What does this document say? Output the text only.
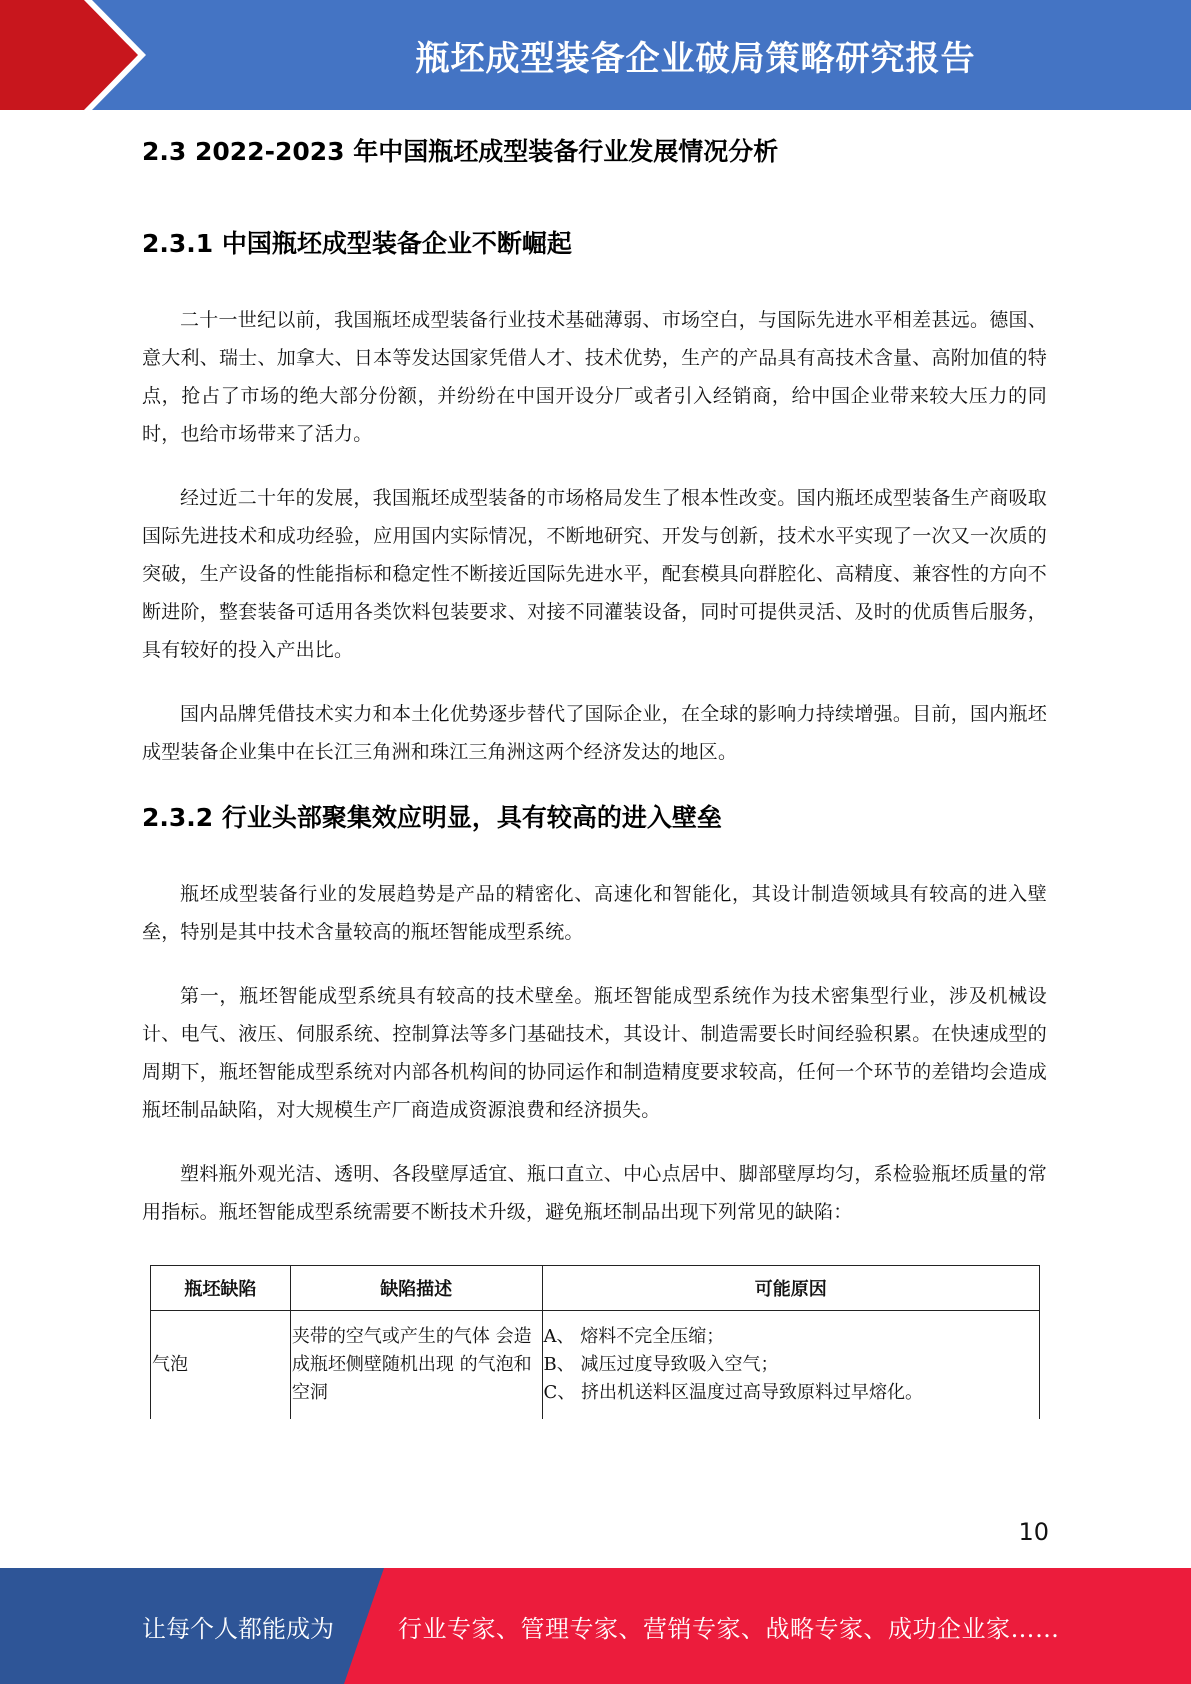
瓶坯成型装备企业破局策略研究报告
2.3 2022-2023 年中国瓶坯成型装备行业发展情况分析
2.3.1 中国瓶坯成型装备企业不断崛起

二十一世纪以前，我国瓶坯成型装备行业技术基础薄弱、市场空白，与国际先进水平相差甚远。德国、意大利、瑞士、加拿大、日本等发达国家凭借人才、技术优势，生产的产品具有高技术含量、高附加值的特点，抢占了市场的绝大部分份额，并纷纷在中国开设分厂或者引入经销商，给中国企业带来较大压力的同时，也给市场带来了活力。

经过近二十年的发展，我国瓶坯成型装备的市场格局发生了根本性改变。国内瓶坯成型装备生产商吸取国际先进技术和成功经验，应用国内实际情况，不断地研究、开发与创新，技术水平实现了一次又一次质的突破，生产设备的性能指标和稳定性不断接近国际先进水平，配套模具向群腔化、高精度、兼容性的方向不断进阶，整套装备可适用各类饮料包装要求、对接不同灌装设备，同时可提供灵活、及时的优质售后服务，具有较好的投入产出比。

国内品牌凭借技术实力和本土化优势逐步替代了国际企业，在全球的影响力持续增强。目前，国内瓶坯成型装备企业集中在长江三角洲和珠江三角洲这两个经济发达的地区。

2.3.2 行业头部聚集效应明显，具有较高的进入壁垒

瓶坯成型装备行业的发展趋势是产品的精密化、高速化和智能化，其设计制造领域具有较高的进入壁垒，特别是其中技术含量较高的瓶坯智能成型系统。

第一，瓶坯智能成型系统具有较高的技术壁垒。瓶坯智能成型系统作为技术密集型行业，涉及机械设计、电气、液压、伺服系统、控制算法等多门基础技术，其设计、制造需要长时间经验积累。在快速成型的周期下，瓶坯智能成型系统对内部各机构间的协同运作和制造精度要求较高，任何一个环节的差错均会造成瓶坯制品缺陷，对大规模生产厂商造成资源浪费和经济损失。

塑料瓶外观光洁、透明、各段壁厚适宜、瓶口直立、中心点居中、脚部壁厚均匀，系检验瓶坯质量的常用指标。瓶坯智能成型系统需要不断技术升级，避免瓶坯制品出现下列常见的缺陷：

瓶坯缺陷	缺陷描述	可能原因
气泡	夹带的空气或产生的气体 会造成瓶坯侧壁随机出现 的气泡和空洞	A、 熔料不完全压缩；
B、 减压过度导致吸入空气；
C、 挤出机送料区温度过高导致原料过早熔化。
10
让每个人都能成为	行业专家、管理专家、营销专家、战略专家、成功企业家……
